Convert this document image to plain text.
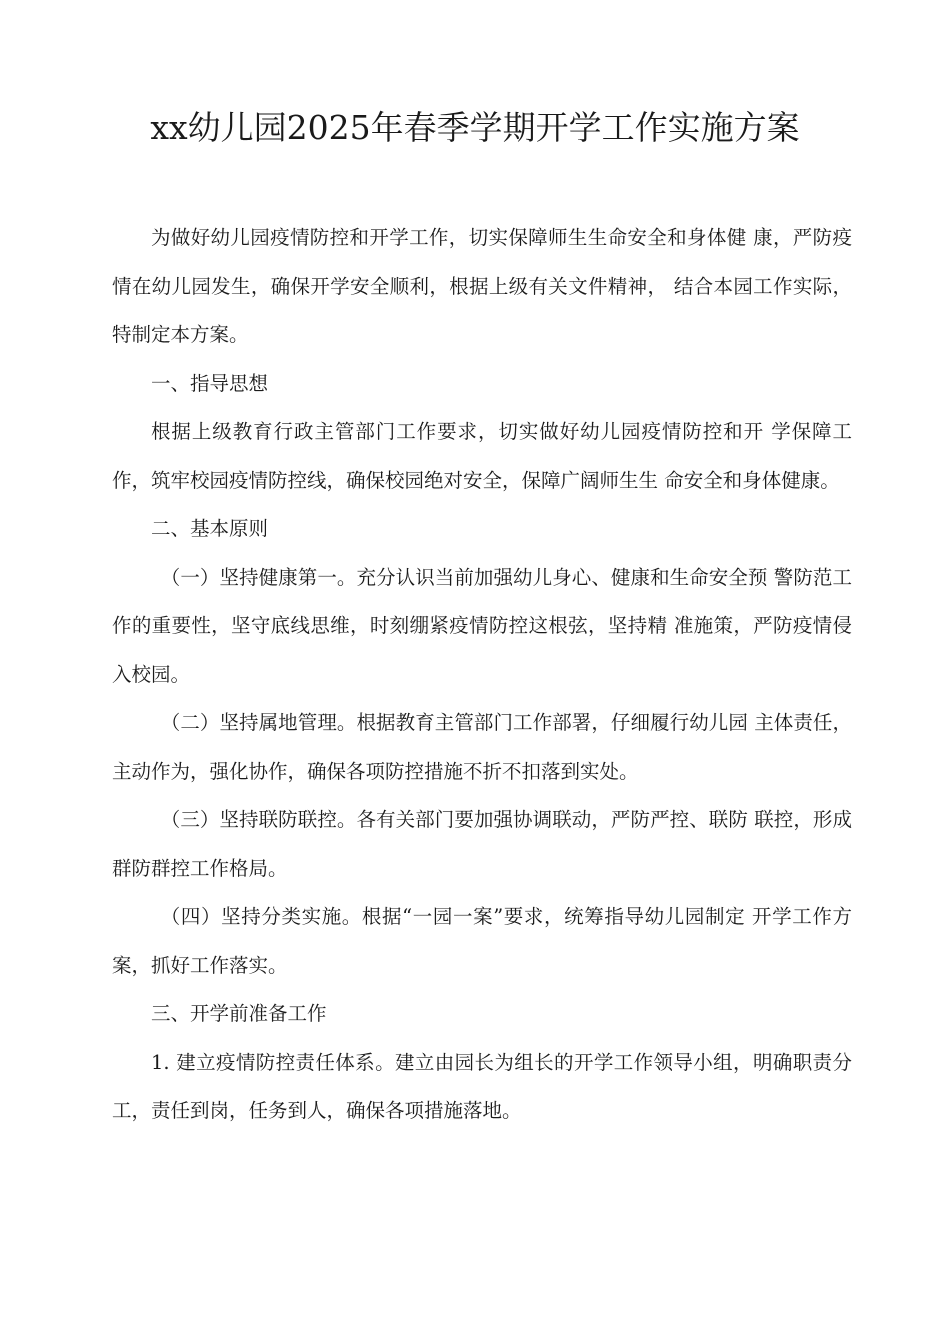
xx幼儿园2025年春季学期开学工作实施方案

为做好幼儿园疫情防控和开学工作，切实保障师生生命安全和身体健 康，严防疫情在幼儿园发生，确保开学安全顺利，根据上级有关文件精神， 结合本园工作实际，特制定本方案。

一、指导思想

根据上级教育行政主管部门工作要求，切实做好幼儿园疫情防控和开 学保障工作，筑牢校园疫情防控线，确保校园绝对安全，保障广阔师生生 命安全和身体健康。

二、基本原则

（一）坚持健康第一。充分认识当前加强幼儿身心、健康和生命安全预 警防范工作的重要性，坚守底线思维，时刻绷紧疫情防控这根弦，坚持精 准施策，严防疫情侵入校园。

（二）坚持属地管理。根据教育主管部门工作部署，仔细履行幼儿园 主体责任，主动作为，强化协作，确保各项防控措施不折不扣落到实处。

（三）坚持联防联控。各有关部门要加强协调联动，严防严控、联防 联控，形成群防群控工作格局。

（四）坚持分类实施。根据“一园一案”要求，统筹指导幼儿园制定 开学工作方案，抓好工作落实。

三、开学前准备工作

1. 建立疫情防控责任体系。建立由园长为组长的开学工作领导小组，明确职责分工，责任到岗，任务到人，确保各项措施落地。
